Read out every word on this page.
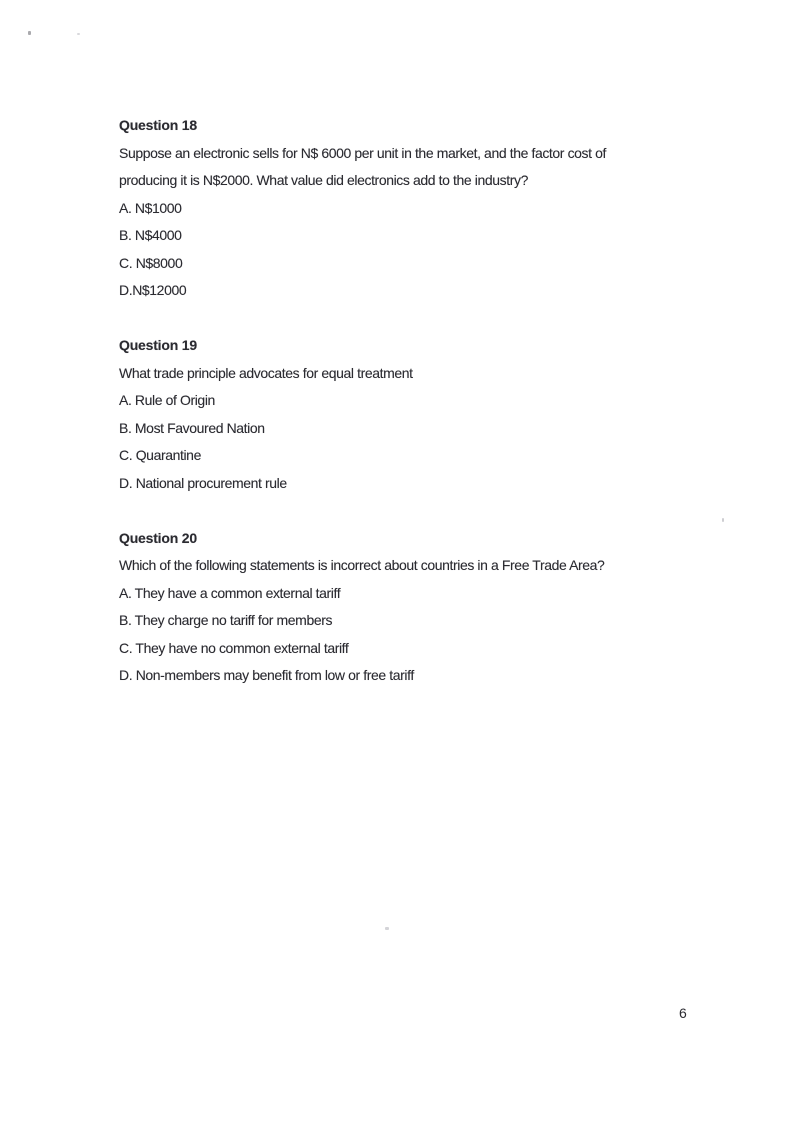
Question 18
Suppose an electronic sells for N$ 6000 per unit in the market, and the factor cost of
producing it is N$2000. What value did electronics add to the industry?
A. N$1000
B. N$4000
C. N$8000
D.N$12000
Question 19
What trade principle advocates for equal treatment
A. Rule of Origin
B. Most Favoured Nation
C. Quarantine
D. National procurement rule
Question 20
Which of the following statements is incorrect about countries in a Free Trade Area?
A. They have a common external tariff
B. They charge no tariff for members
C. They have no common external tariff
D. Non-members may benefit from low or free tariff
6
